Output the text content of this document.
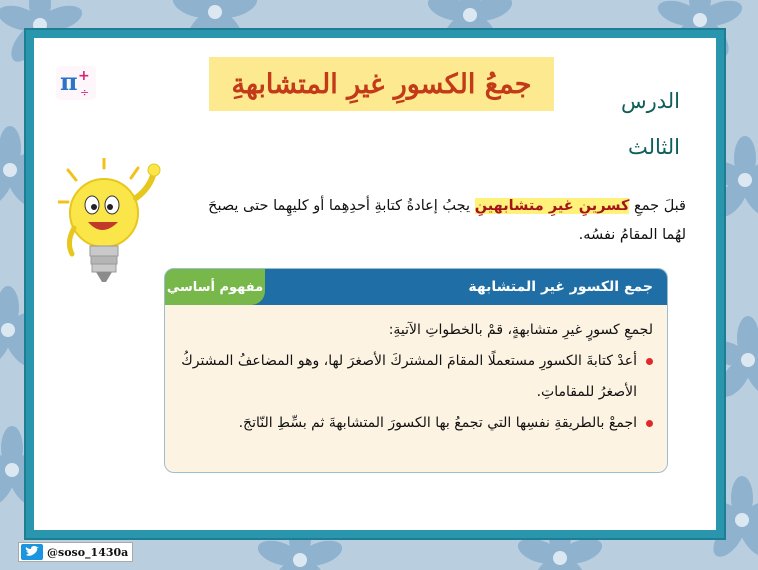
π +
÷	جمعُ الكسورِ غيرِ المتشابهةِ
الدرس
الثالث
قبلَ جمعِ كسرينِ غيرِ متشابهينِ يجبُ إعادةُ كتابةِ أحدِهِما أو كليهِما حتى يصبحَ لهُما المقامُ نفسُه.
جمع الكسور غير المتشابهة
مفهوم أساسي
لجمعِ كسورٍ غيرِ متشابهةٍ، قمْ بالخطواتِ الآتيةِ:
أعدْ كتابةَ الكسورِ مستعملًا المقامَ المشتركَ الأصغرَ لها، وهو المضاعفُ المشتركُ الأصغرُ للمقاماتِ.
اجمعْ بالطريقةِ نفسِها التي تجمعُ بها الكسورَ المتشابهةَ ثم بسِّطِ النّاتجَ.
@soso_1430a
